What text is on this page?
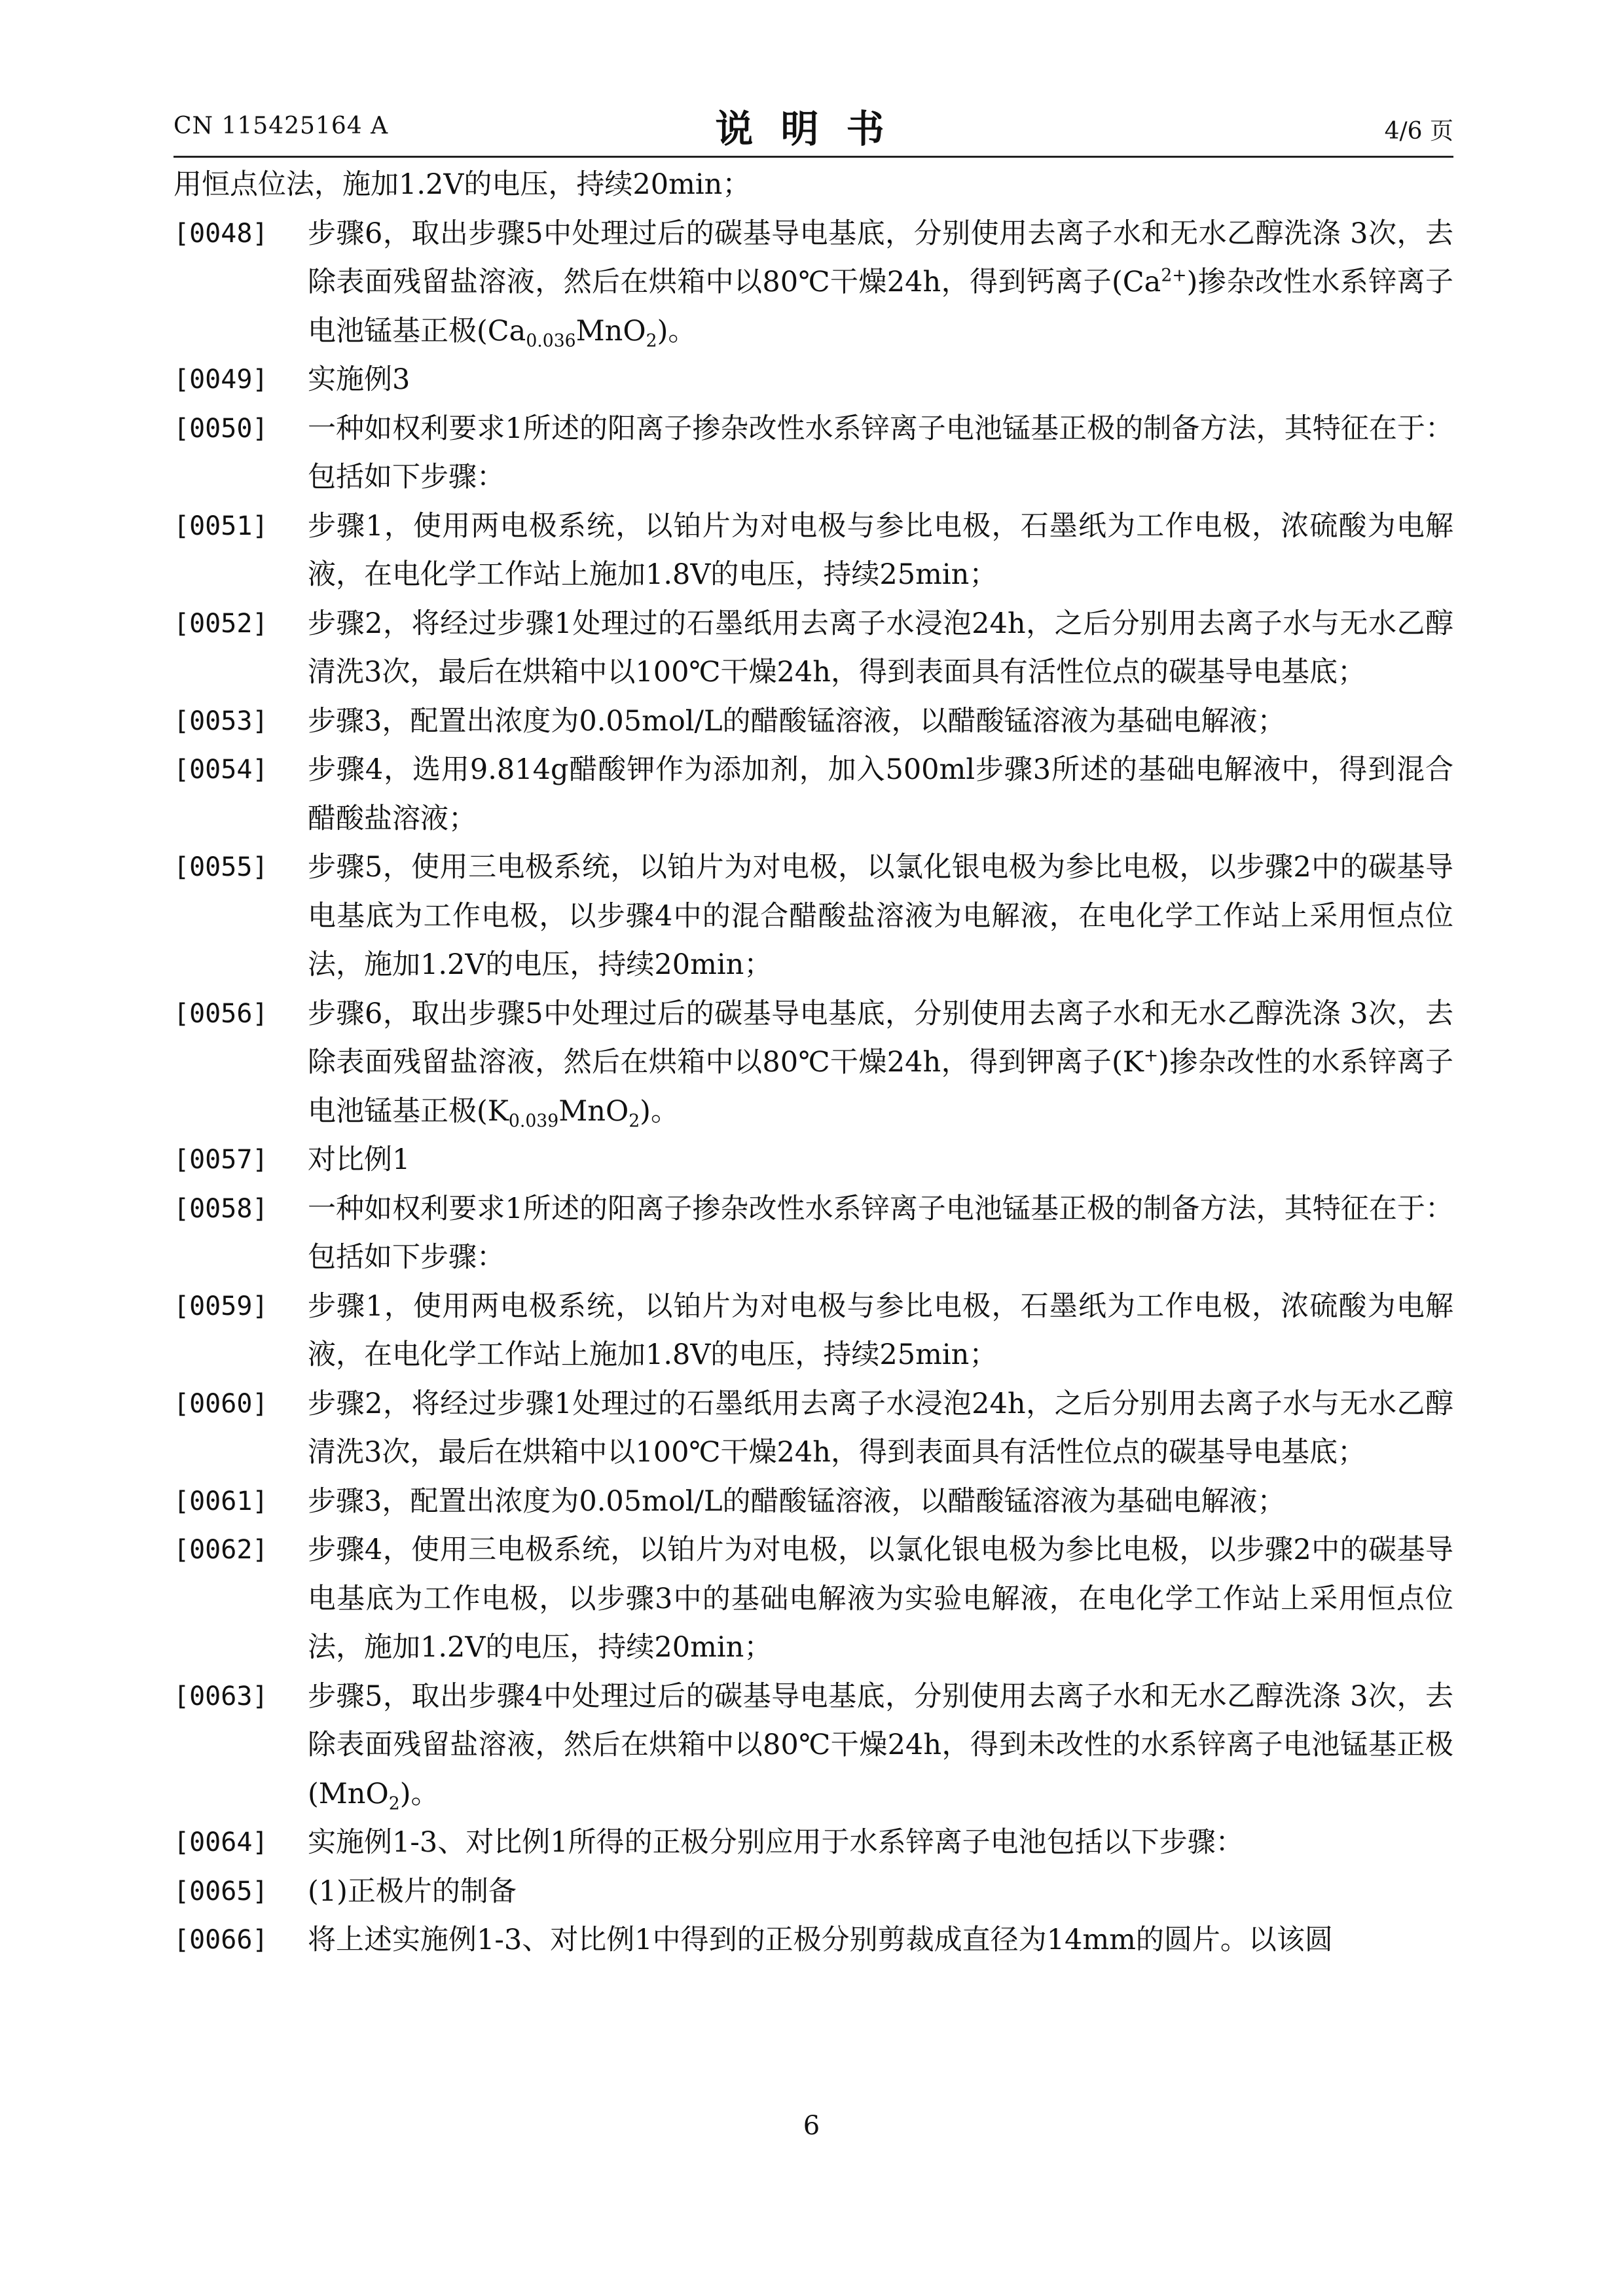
CN 115425164 A	说明书	4/6 页
用恒点位法，施加1.2V的电压，持续20min；
[0048] 步骤6，取出步骤5中处理过后的碳基导电基底，分别使用去离子水和无水乙醇洗涤 3次，去除表面残留盐溶液，然后在烘箱中以80℃干燥24h，得到钙离子$(Ca^{2+})$掺杂改性水系锌离子电池锰基正极$(Ca_{0.036}MnO_2)$。
[0049] 实施例3
[0050] 一种如权利要求1所述的阳离子掺杂改性水系锌离子电池锰基正极的制备方法，其特征在于：包括如下步骤：
[0051] 步骤1，使用两电极系统，以铂片为对电极与参比电极，石墨纸为工作电极，浓硫酸为电解液，在电化学工作站上施加1.8V的电压，持续25min；
[0052] 步骤2，将经过步骤1处理过的石墨纸用去离子水浸泡24h，之后分别用去离子水与无水乙醇清洗3次，最后在烘箱中以100℃干燥24h，得到表面具有活性位点的碳基导电基底；
[0053] 步骤3，配置出浓度为0.05mol/L的醋酸锰溶液，以醋酸锰溶液为基础电解液；
[0054] 步骤4，选用9.814g醋酸钾作为添加剂，加入500ml步骤3所述的基础电解液中，得到混合醋酸盐溶液；
[0055] 步骤5，使用三电极系统，以铂片为对电极，以氯化银电极为参比电极，以步骤2中的碳基导电基底为工作电极，以步骤4中的混合醋酸盐溶液为电解液，在电化学工作站上采用恒点位法，施加1.2V的电压，持续20min；
[0056] 步骤6，取出步骤5中处理过后的碳基导电基底，分别使用去离子水和无水乙醇洗涤 3次，去除表面残留盐溶液，然后在烘箱中以80℃干燥24h，得到钾离子(K+)掺杂改性的水系锌离子电池锰基正极$(K_{0.039}MnO_2)$。
[0057] 对比例1
[0058] 一种如权利要求1所述的阳离子掺杂改性水系锌离子电池锰基正极的制备方法，其特征在于：包括如下步骤：
[0059] 步骤1，使用两电极系统，以铂片为对电极与参比电极，石墨纸为工作电极，浓硫酸为电解液，在电化学工作站上施加1.8V的电压，持续25min；
[0060] 步骤2，将经过步骤1处理过的石墨纸用去离子水浸泡24h，之后分别用去离子水与无水乙醇清洗3次，最后在烘箱中以100℃干燥24h，得到表面具有活性位点的碳基导电基底；
[0061] 步骤3，配置出浓度为0.05mol/L的醋酸锰溶液，以醋酸锰溶液为基础电解液；
[0062] 步骤4，使用三电极系统，以铂片为对电极，以氯化银电极为参比电极，以步骤2中的碳基导电基底为工作电极，以步骤3中的基础电解液为实验电解液，在电化学工作站上采用恒点位法，施加1.2V的电压，持续20min；
[0063] 步骤5，取出步骤4中处理过后的碳基导电基底，分别使用去离子水和无水乙醇洗涤 3次，去除表面残留盐溶液，然后在烘箱中以80℃干燥24h，得到未改性的水系锌离子电池锰基正极(MnO$_2$)。
[0064] 实施例1-3、对比例1所得的正极分别应用于水系锌离子电池包括以下步骤：
[0065] (1)正极片的制备
[0066] 将上述实施例1-3、对比例1中得到的正极分别剪裁成直径为14mm的圆片。以该圆
6
